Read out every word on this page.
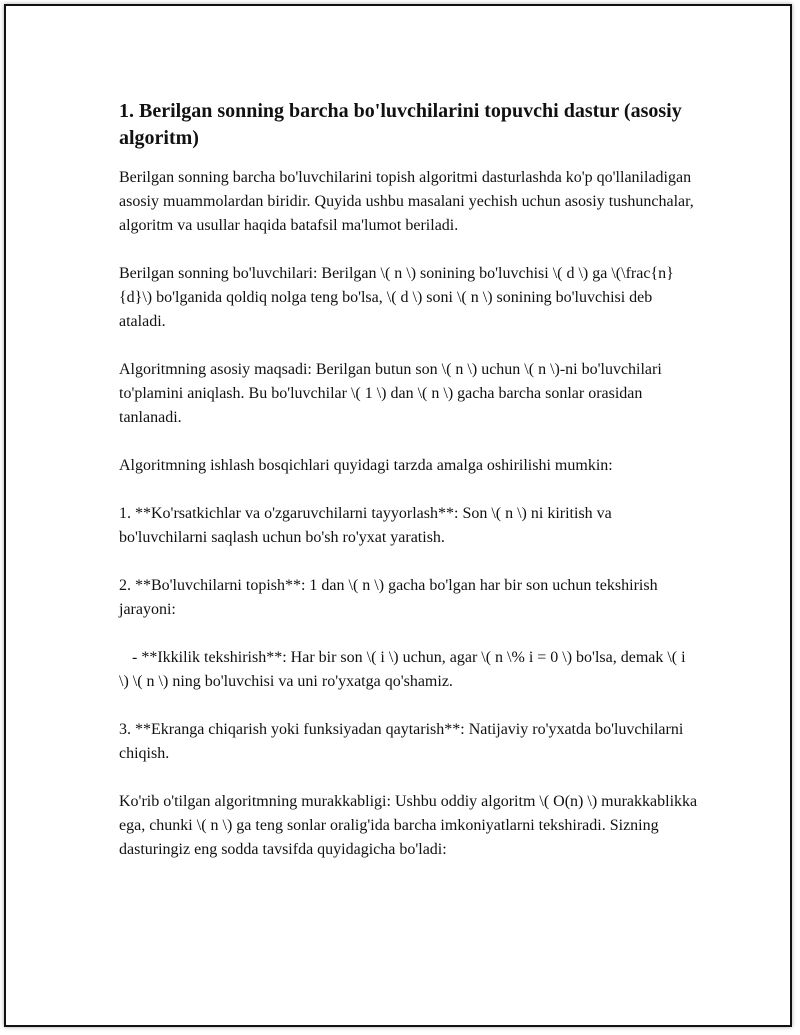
1. Berilgan sonning barcha bo'luvchilarini topuvchi dastur (asosiy algoritm)

Berilgan sonning barcha bo'luvchilarini topish algoritmi dasturlashda ko'p qo'llaniladigan asosiy muammolardan biridir. Quyida ushbu masalani yechish uchun asosiy tushunchalar, algoritm va usullar haqida batafsil ma'lumot beriladi.

Berilgan sonning bo'luvchilari: Berilgan \( n \) sonining bo'luvchisi \( d \) ga \(\frac{n}{d}\) bo'lganida qoldiq nolga teng bo'lsa, \( d \) soni \( n \) sonining bo'luvchisi deb ataladi.

Algoritmning asosiy maqsadi: Berilgan butun son \( n \) uchun \( n \)-ni bo'luvchilari to'plamini aniqlash. Bu bo'luvchilar \( 1 \) dan \( n \) gacha barcha sonlar orasidan tanlanadi.

Algoritmning ishlash bosqichlari quyidagi tarzda amalga oshirilishi mumkin:

1. **Ko'rsatkichlar va o'zgaruvchilarni tayyorlash**: Son \( n \) ni kiritish va bo'luvchilarni saqlash uchun bo'sh ro'yxat yaratish.

2. **Bo'luvchilarni topish**: 1 dan \( n \) gacha bo'lgan har bir son uchun tekshirish jarayoni:

- **Ikkilik tekshirish**: Har bir son \( i \) uchun, agar \( n \% i = 0 \) bo'lsa, demak \( i \) \( n \) ning bo'luvchisi va uni ro'yxatga qo'shamiz.

3. **Ekranga chiqarish yoki funksiyadan qaytarish**: Natijaviy ro'yxatda bo'luvchilarni chiqish.

Ko'rib o'tilgan algoritmning murakkabligi: Ushbu oddiy algoritm \( O(n) \) murakkablikka ega, chunki \( n \) ga teng sonlar oralig'ida barcha imkoniyatlarni tekshiradi. Sizning dasturingiz eng sodda tavsifda quyidagicha bo'ladi:
